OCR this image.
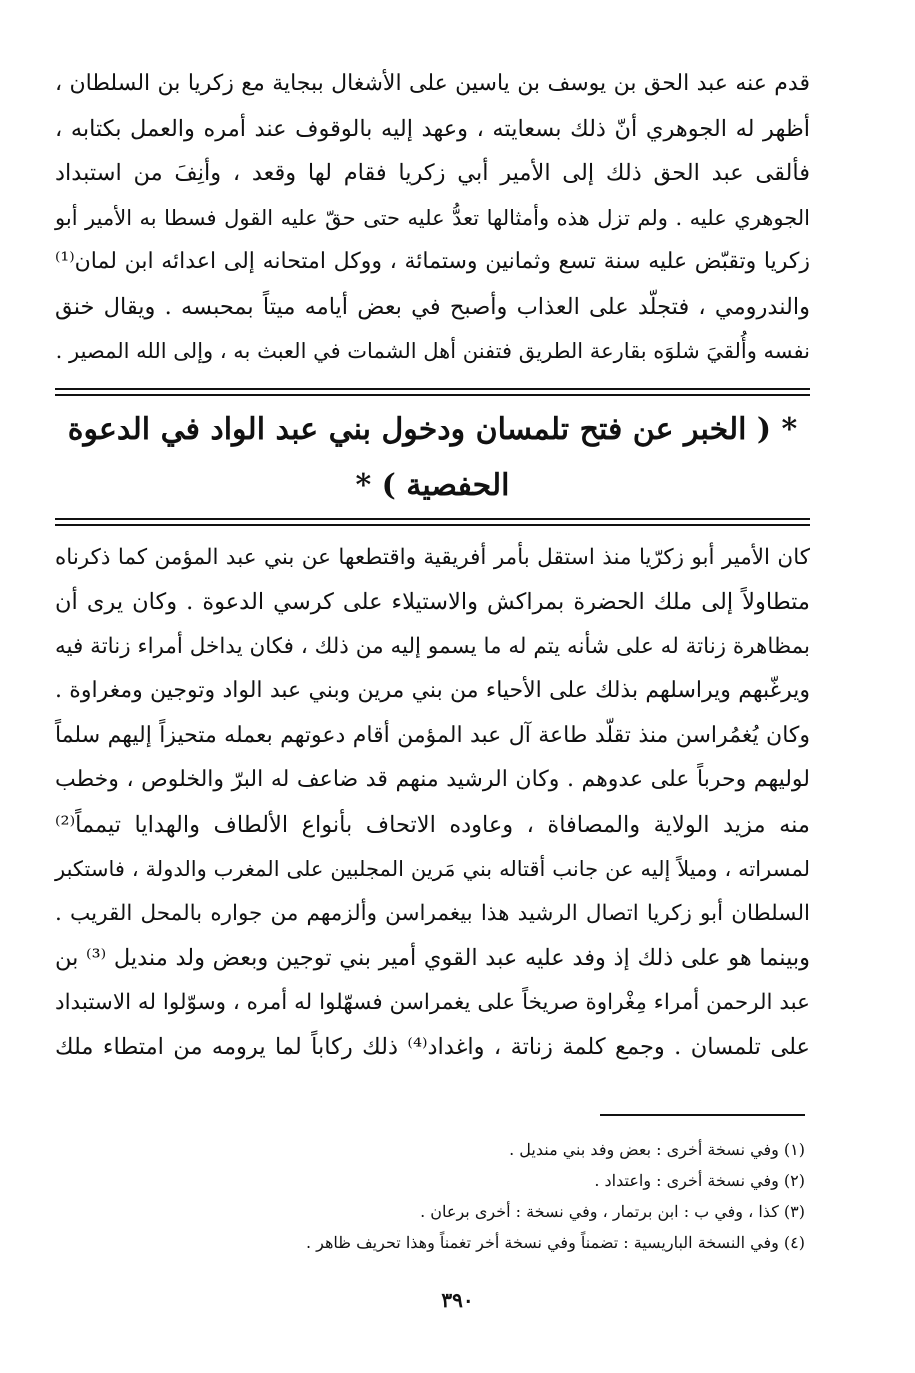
قدم عنه عبد الحق بن يوسف بن ياسين على الأشغال ببجاية مع زكريا بن السلطان ،

أظهر له الجوهري أنّ ذلك بسعايته ، وعهد إليه بالوقوف عند أمره والعمل بكتابه ،

فألقى عبد الحق ذلك إلى الأمير أبي زكريا فقام لها وقعد ، وأنِفَ من استبداد

الجوهري عليه . ولم تزل هذه وأمثالها تعدُّ عليه حتى حقّ عليه القول فسطا به الأمير أبو

زكريا وتقبّض عليه سنة تسع وثمانين وستمائة ، ووكل امتحانه إلى اعدائه ابن لمان⁽¹⁾

والندرومي ، فتجلّد على العذاب وأصبح في بعض أيامه ميتاً بمحبسه . ويقال خنق

نفسه وأُلقيَ شلوَه بقارعة الطريق فتفنن أهل الشمات في العبث به ، وإلى الله المصير .

* ( الخبر عن فتح تلمسان ودخول بني عبد الواد في الدعوة
الحفصية ) *

كان الأمير أبو زكرّيا منذ استقل بأمر أفريقية واقتطعها عن بني عبد المؤمن كما ذكرناه

متطاولاً إلى ملك الحضرة بمراكش والاستيلاء على كرسي الدعوة . وكان يرى أن

بمظاهرة زناتة له على شأنه يتم له ما يسمو إليه من ذلك ، فكان يداخل أمراء زناتة فيه

ويرغّبهم ويراسلهم بذلك على الأحياء من بني مرين وبني عبد الواد وتوجين ومغراوة .

وكان يُغمُراسن منذ تقلّد طاعة آل عبد المؤمن أقام دعوتهم بعمله متحيزاً إليهم سلماً

لوليهم وحرباً على عدوهم . وكان الرشيد منهم قد ضاعف له البرّ والخلوص ، وخطب

منه مزيد الولاية والمصافاة ، وعاوده الاتحاف بأنواع الألطاف والهدايا تيمماً⁽²⁾

لمسراته ، وميلاً إليه عن جانب أقتاله بني مَرين المجلبين على المغرب والدولة ، فاستكبر

السلطان أبو زكريا اتصال الرشيد هذا بيغمراسن وألزمهم من جواره بالمحل القريب .

وبينما هو على ذلك إذ وفد عليه عبد القوي أمير بني توجين وبعض ولد منديل ⁽³⁾ بن

عبد الرحمن أمراء مِغْراوة صريخاً على يغمراسن فسهّلوا له أمره ، وسوّلوا له الاستبداد

على تلمسان . وجمع كلمة زناتة ، واغداد⁽⁴⁾ ذلك ركاباً لما يرومه من امتطاء ملك

(١) وفي نسخة أخرى : بعض وفد بني منديل .

(٢) وفي نسخة أخرى : واعتداد .

(٣) كذا ، وفي ب : ابن برتمار ، وفي نسخة : أخرى برعان .

(٤) وفي النسخة الباريسية : تضمناً وفي نسخة أخر تغمناً وهذا تحريف ظاهر .

٣٩٠
